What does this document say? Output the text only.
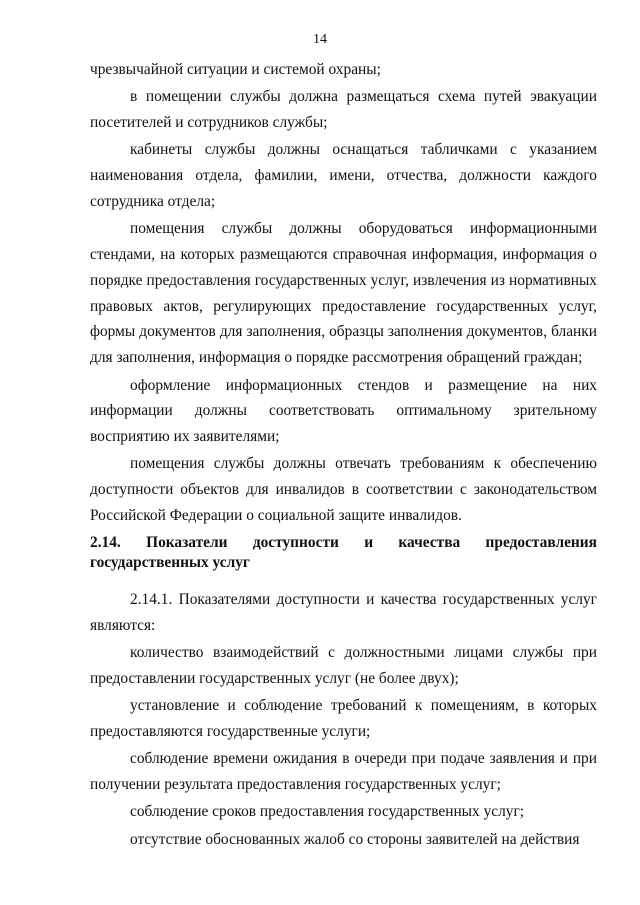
14

чрезвычайной ситуации и системой охраны;

в помещении службы должна размещаться схема путей эвакуации посетителей и сотрудников службы;

кабинеты службы должны оснащаться табличками с указанием наименования отдела, фамилии, имени, отчества, должности каждого сотрудника отдела;

помещения службы должны оборудоваться информационными стендами, на которых размещаются справочная информация, информация о порядке предоставления государственных услуг, извлечения из нормативных правовых актов, регулирующих предоставление государственных услуг, формы документов для заполнения, образцы заполнения документов, бланки для заполнения, информация о порядке рассмотрения обращений граждан;

оформление информационных стендов и размещение на них информации должны соответствовать оптимальному зрительному восприятию их заявителями;

помещения службы должны отвечать требованиям к обеспечению доступности объектов для инвалидов в соответствии с законодательством Российской Федерации о социальной защите инвалидов.

2.14. Показатели доступности и качества предоставления государственных услуг

2.14.1. Показателями доступности и качества государственных услуг являются:

количество взаимодействий с должностными лицами службы при предоставлении государственных услуг (не более двух);

установление и соблюдение требований к помещениям, в которых предоставляются государственные услуги;

соблюдение времени ожидания в очереди при подаче заявления и при получении результата предоставления государственных услуг;

соблюдение сроков предоставления государственных услуг;

отсутствие обоснованных жалоб со стороны заявителей на действия
